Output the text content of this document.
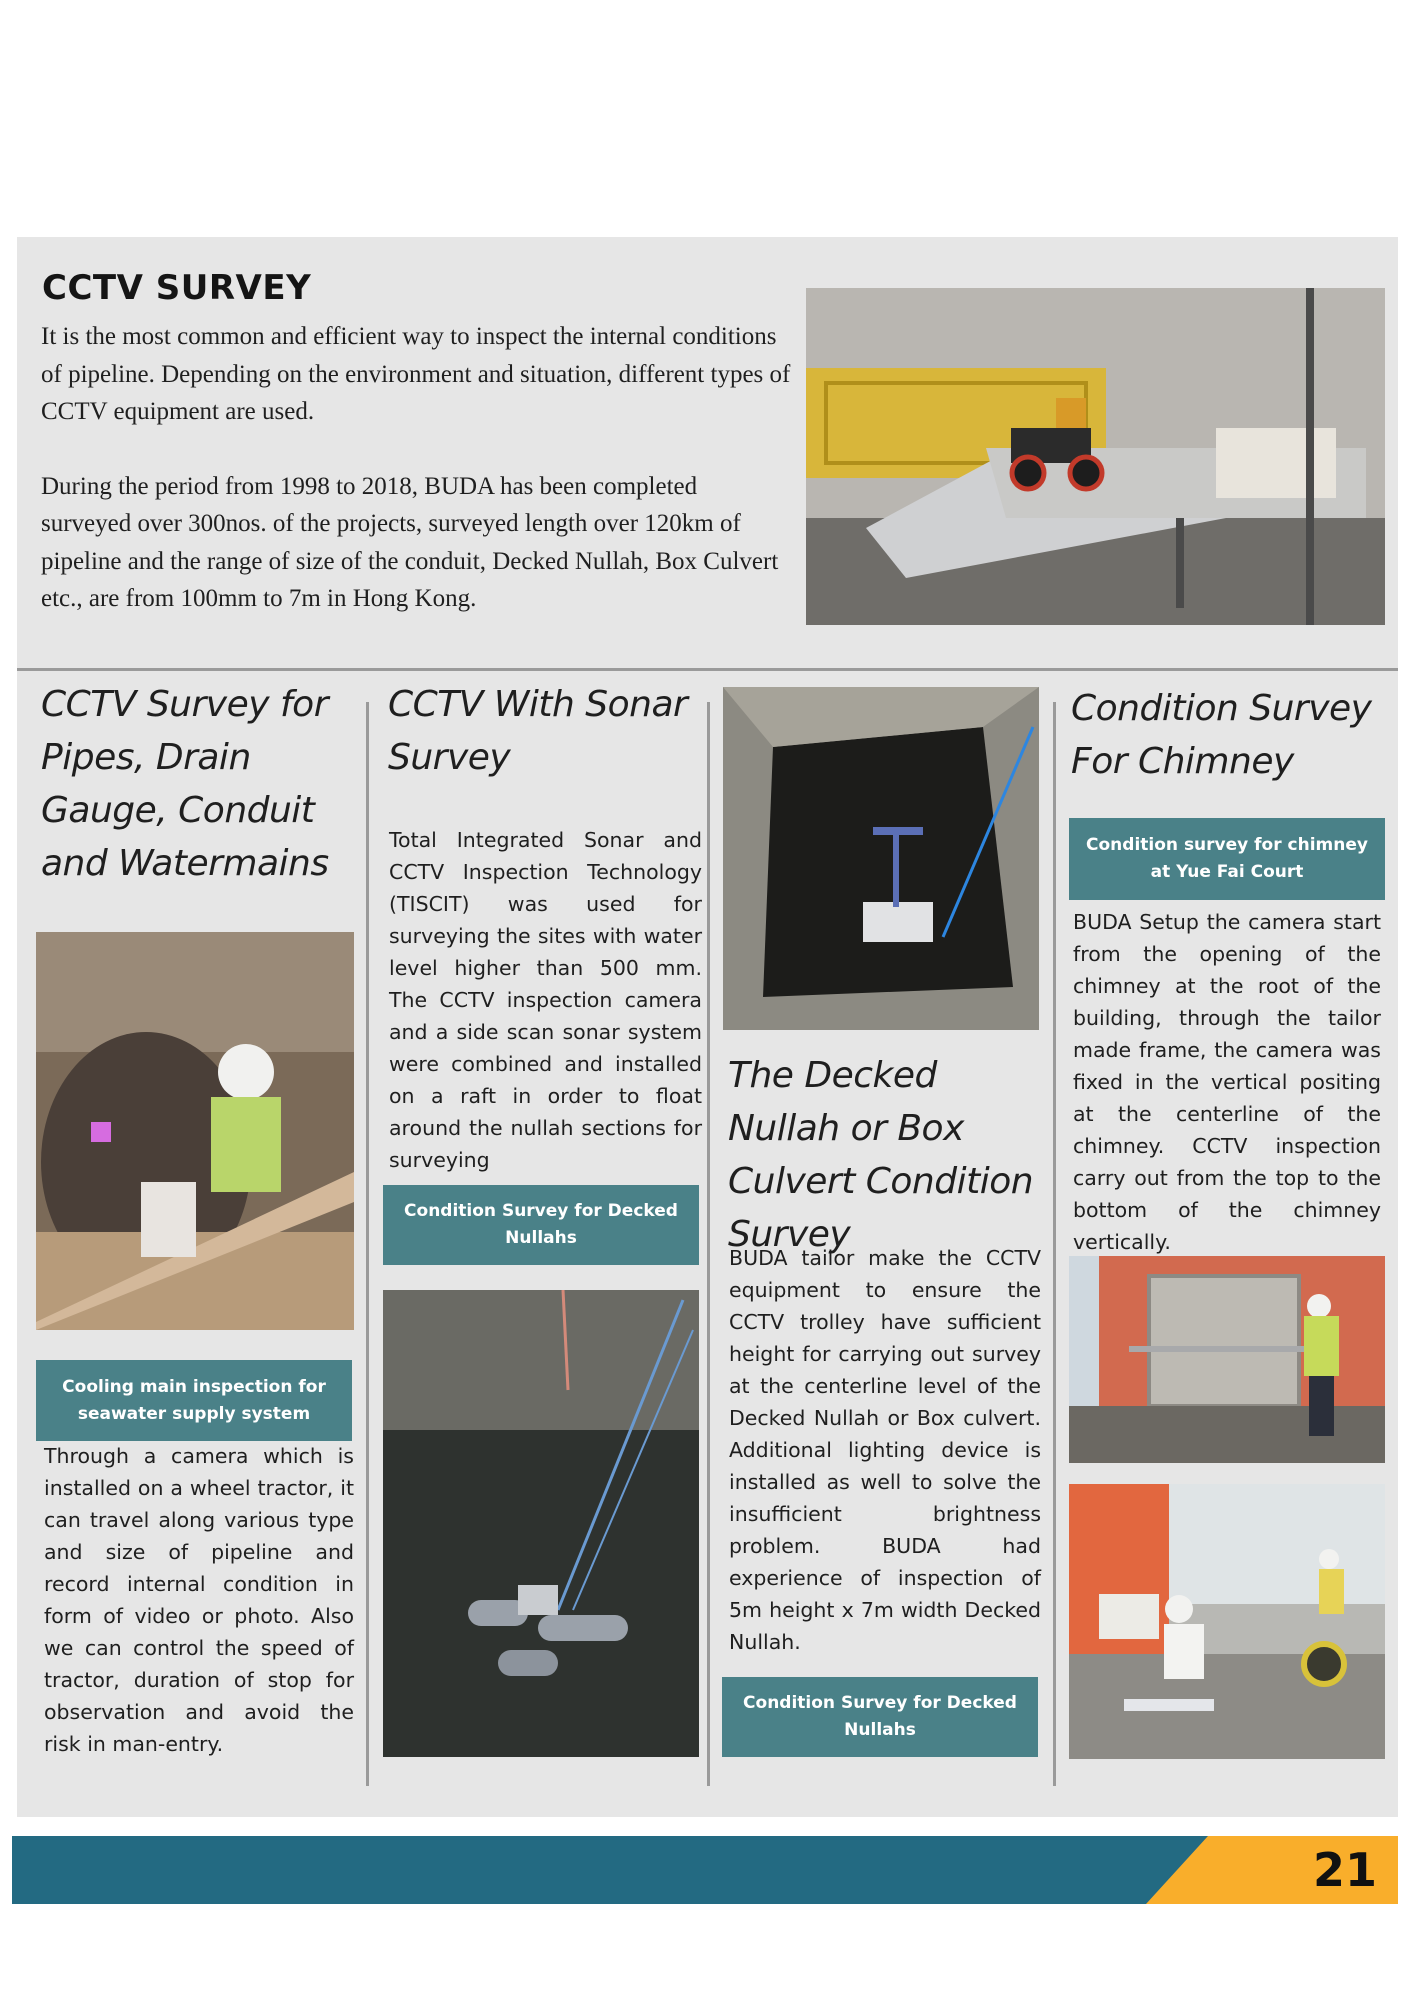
CCTV SURVEY

It is the most common and efficient way to inspect the internal conditions of pipeline. Depending on the environment and situation, different types of CCTV equipment are used.

During the period from 1998 to 2018, BUDA has been completed

surveyed over 300nos. of the projects, surveyed length over 120km of pipeline and the range of size of the conduit, Decked Nullah, Box Culvert etc., are from 100mm to 7m in Hong Kong.

CCTV Survey for Pipes, Drain Gauge, Conduit and Watermains
Cooling main inspection for seawater supply system
Through a camera which is installed on a wheel tractor, it can travel along various type and size of pipeline and record internal condition in form of video or photo. Also we can control the speed of tractor, duration of stop for observation and avoid the risk in man-entry.
CCTV With Sonar Survey
Total Integrated Sonar and CCTV Inspection Technology (TISCIT) was used for surveying the sites with water level higher than 500 mm. The CCTV inspection camera and a side scan sonar system were combined and installed on a raft in order to float around the nullah sections for surveying
Condition Survey for Decked Nullahs
The Decked Nullah or Box Culvert Condition Survey
BUDA tailor make the CCTV equipment to ensure the CCTV trolley have sufficient height for carrying out survey at the centerline level of the Decked Nullah or Box culvert. Additional lighting device is installed as well to solve the insufficient brightness problem. BUDA had experience of inspection of 5m height x 7m width Decked Nullah.
Condition Survey for Decked Nullahs
Condition Survey For Chimney
Condition survey for chimney at Yue Fai Court
BUDA Setup the camera start from the opening of the chimney at the root of the building, through the tailor made frame, the camera was fixed in the vertical positing at the centerline of the chimney. CCTV inspection carry out from the top to the bottom of the chimney vertically.
21
